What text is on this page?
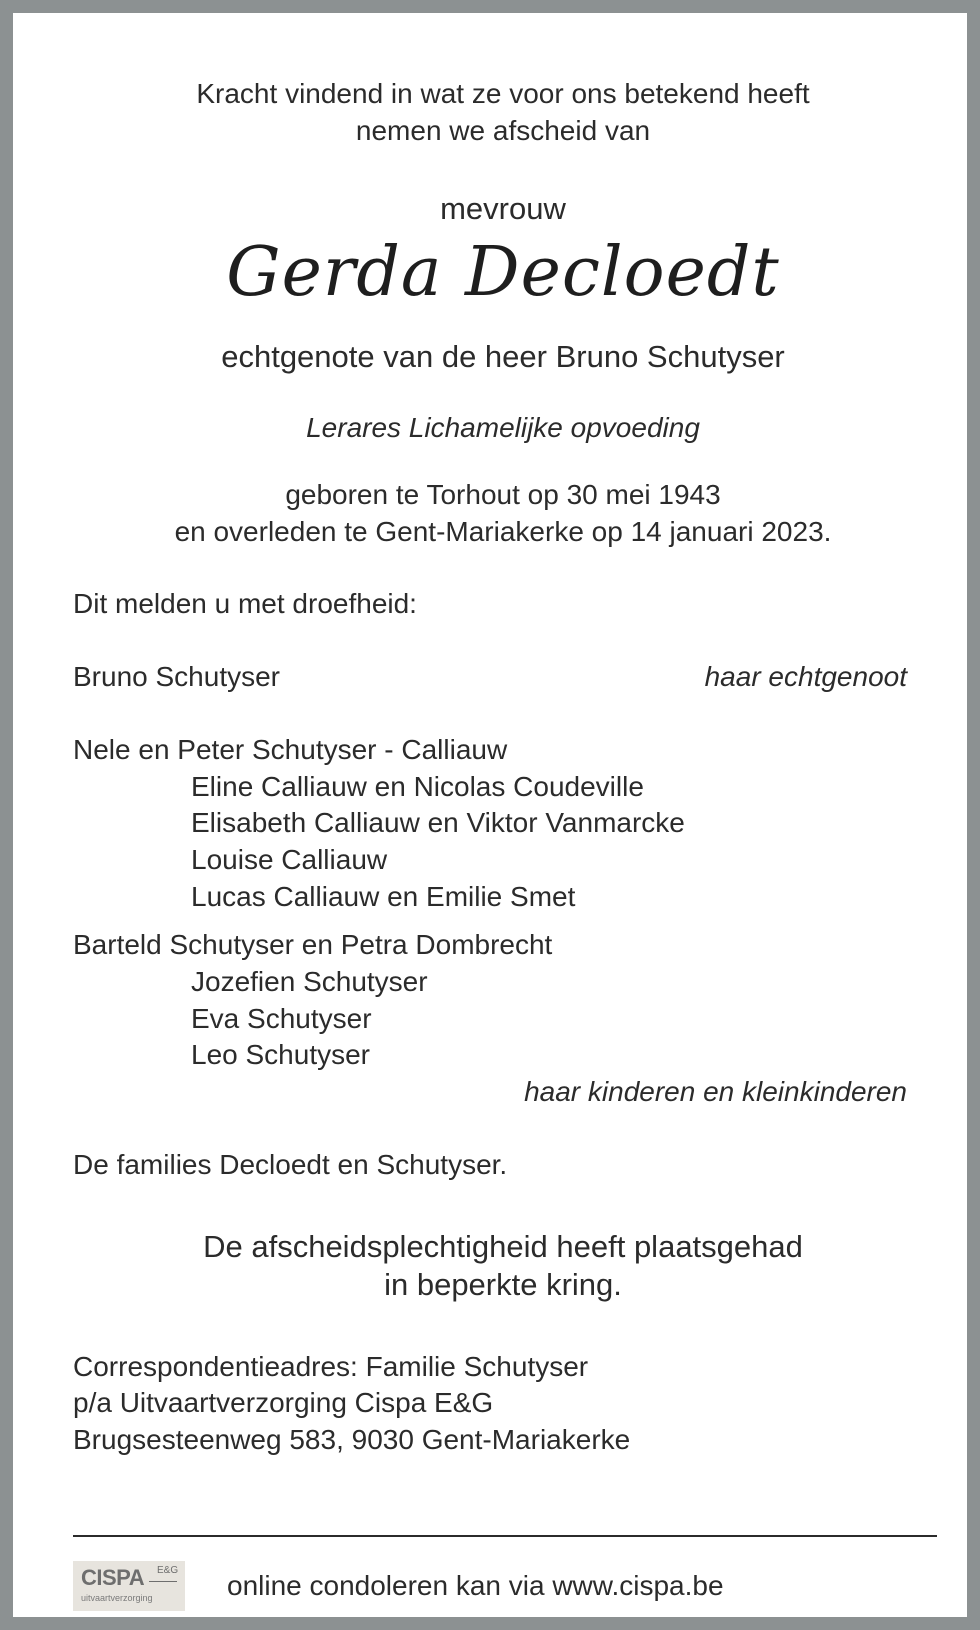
Kracht vindend in wat ze voor ons betekend heeft
nemen we afscheid van
mevrouw
Gerda Decloedt
echtgenote van de heer Bruno Schutyser
Lerares Lichamelijke opvoeding
geboren te Torhout op 30 mei 1943
en overleden te Gent-Mariakerke op 14 januari 2023.
Dit melden u met droefheid:
Bruno Schutyser	haar echtgenoot
Nele en Peter Schutyser - Calliauw
Eline Calliauw en Nicolas Coudeville
Elisabeth Calliauw en Viktor Vanmarcke
Louise Calliauw
Lucas Calliauw en Emilie Smet
Barteld Schutyser en Petra Dombrecht
Jozefien Schutyser
Eva Schutyser
Leo Schutyser
haar kinderen en kleinkinderen
De families Decloedt en Schutyser.
De afscheidsplechtigheid heeft plaatsgehad
in beperkte kring.
Correspondentieadres: Familie Schutyser
p/a Uitvaartverzorging Cispa E&G
Brugsesteenweg 583, 9030 Gent-Mariakerke
CISPA E&G
uitvaartverzorging	online condoleren kan via www.cispa.be
